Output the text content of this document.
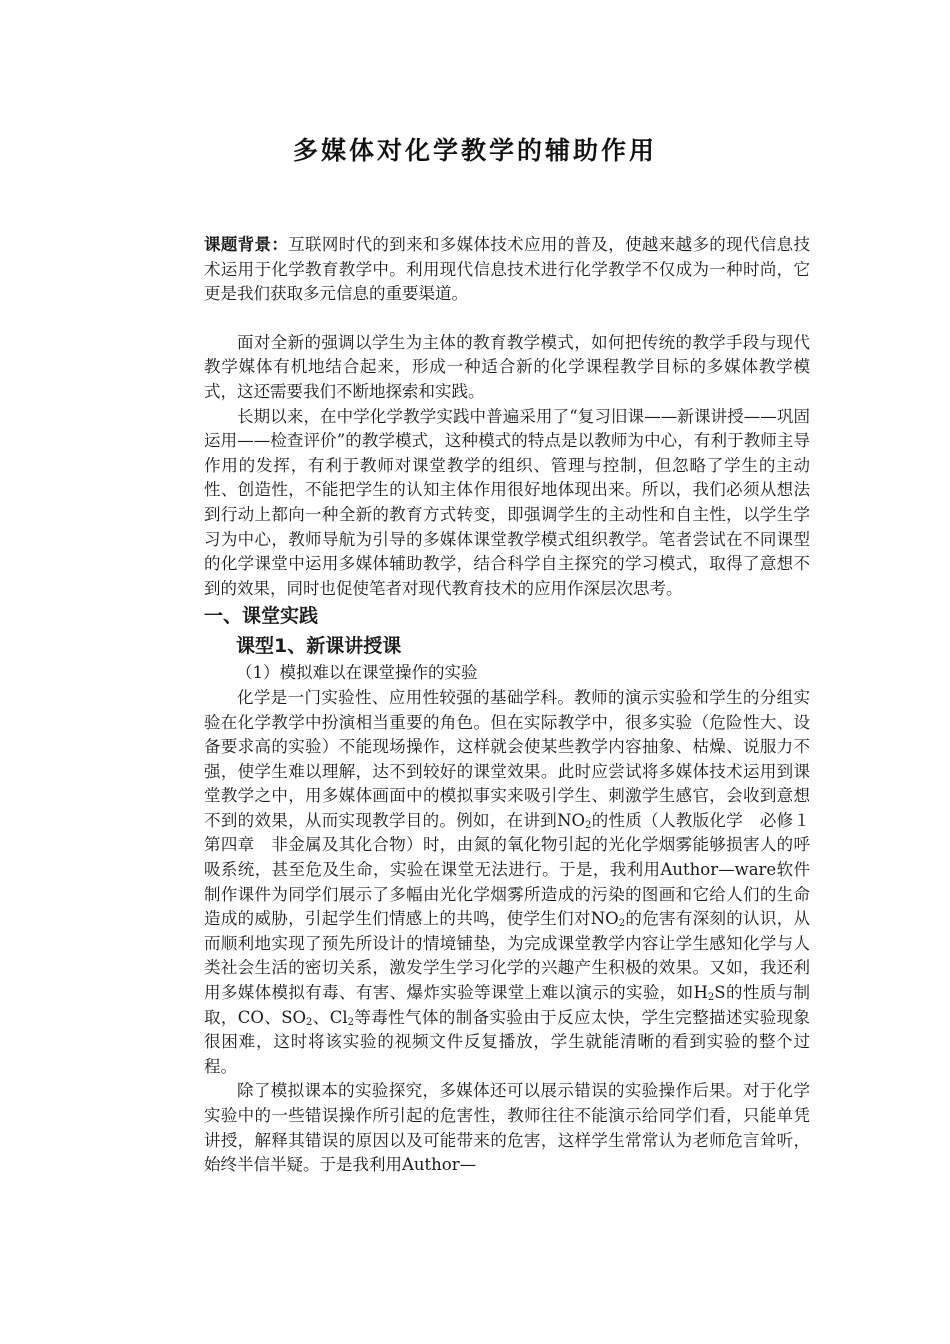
多媒体对化学教学的辅助作用

课题背景：互联网时代的到来和多媒体技术应用的普及，使越来越多的现代信息技术运用于化学教育教学中。利用现代信息技术进行化学教学不仅成为一种时尚，它更是我们获取多元信息的重要渠道。

面对全新的强调以学生为主体的教育教学模式，如何把传统的教学手段与现代教学媒体有机地结合起来，形成一种适合新的化学课程教学目标的多媒体教学模式，这还需要我们不断地探索和实践。

长期以来，在中学化学教学实践中普遍采用了“复习旧课——新课讲授——巩固运用——检查评价”的教学模式，这种模式的特点是以教师为中心，有利于教师主导作用的发挥，有利于教师对课堂教学的组织、管理与控制，但忽略了学生的主动性、创造性，不能把学生的认知主体作用很好地体现出来。所以，我们必须从想法到行动上都向一种全新的教育方式转变，即强调学生的主动性和自主性，以学生学习为中心，教师导航为引导的多媒体课堂教学模式组织教学。笔者尝试在不同课型的化学课堂中运用多媒体辅助教学，结合科学自主探究的学习模式，取得了意想不到的效果，同时也促使笔者对现代教育技术的应用作深层次思考。

一、课堂实践
课型1、新课讲授课

（1）模拟难以在课堂操作的实验

化学是一门实验性、应用性较强的基础学科。教师的演示实验和学生的分组实验在化学教学中扮演相当重要的角色。但在实际教学中，很多实验（危险性大、设备要求高的实验）不能现场操作，这样就会使某些教学内容抽象、枯燥、说服力不强，使学生难以理解，达不到较好的课堂效果。此时应尝试将多媒体技术运用到课堂教学之中，用多媒体画面中的模拟事实来吸引学生、刺激学生感官，会收到意想不到的效果，从而实现教学目的。例如，在讲到$NO_2$的性质（人教版化学　必修１　第四章　非金属及其化合物）时，由氮的氧化物引起的光化学烟雾能够损害人的呼吸系统，甚至危及生命，实验在课堂无法进行。于是，我利用Author—ware软件制作课件为同学们展示了多幅由光化学烟雾所造成的污染的图画和它给人们的生命造成的威胁，引起学生们情感上的共鸣，使学生们对$NO_2$的危害有深刻的认识，从而顺利地实现了预先所设计的情境铺垫，为完成课堂教学内容让学生感知化学与人类社会生活的密切关系，激发学生学习化学的兴趣产生积极的效果。又如，我还利用多媒体模拟有毒、有害、爆炸实验等课堂上难以演示的实验，如$H_2S$的性质与制取，CO、$SO_2$、$Cl_2$等毒性气体的制备实验由于反应太快，学生完整描述实验现象很困难，这时将该实验的视频文件反复播放，学生就能清晰的看到实验的整个过程。

除了模拟课本的实验探究，多媒体还可以展示错误的实验操作后果。对于化学实验中的一些错误操作所引起的危害性，教师往往不能演示给同学们看，只能单凭讲授，解释其错误的原因以及可能带来的危害，这样学生常常认为老师危言耸听，始终半信半疑。于是我利用Author—
